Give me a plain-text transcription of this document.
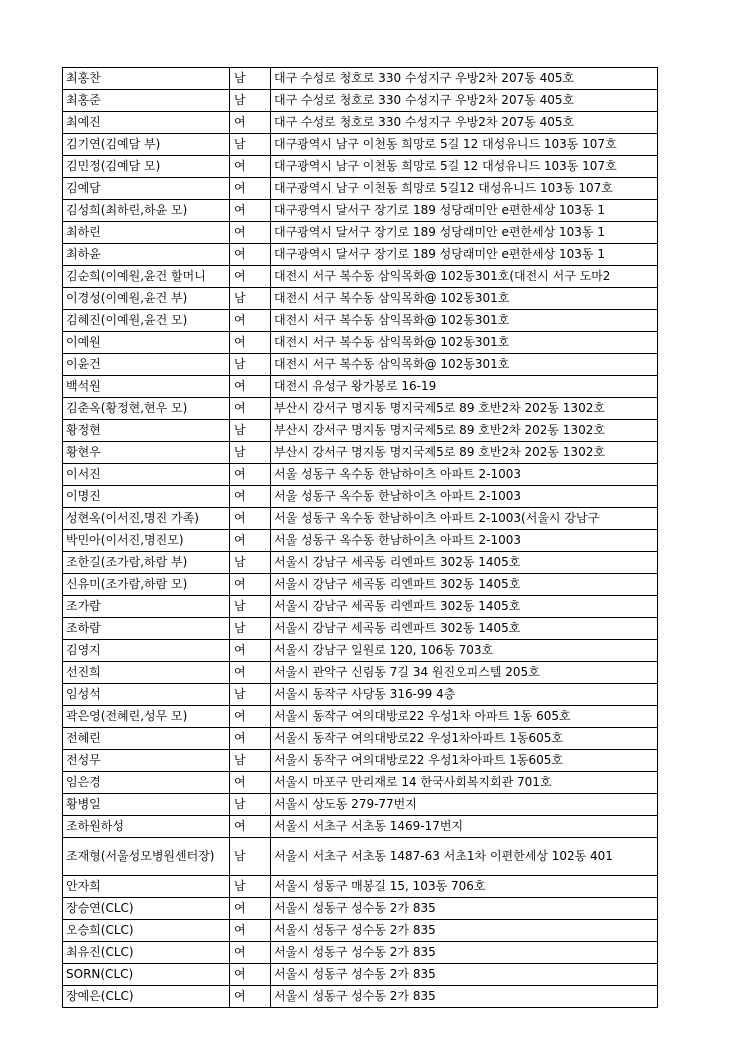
최홍찬	남	대구 수성로 청호로 330 수성지구 우방2차 207동 405호
최홍준	남	대구 수성로 청호로 330 수성지구 우방2차 207동 405호
최예진	여	대구 수성로 청호로 330 수성지구 우방2차 207동 405호
김기연(김예담 부)	남	대구광역시 남구 이천동 희망로 5길 12 대성유니드 103동 107호
김민정(김예담 모)	여	대구광역시 남구 이천동 희망로 5길 12 대성유니드 103동 107호
김예담	여	대구광역시 남구 이천동 희망로 5길12 대성유니드 103동 107호
김성희(최하린,하윤 모)	여	대구광역시 달서구 장기로 189 성당래미안 e편한세상 103동 1
최하린	여	대구광역시 달서구 장기로 189 성당래미안 e편한세상 103동 1
최하윤	여	대구광역시 달서구 장기로 189 성당래미안 e편한세상 103동 1
김순희(이예원,윤건 할머니	여	대전시 서구 복수동 삼익목화@ 102동301호(대전시 서구 도마2
이경성(이예원,윤건 부)	남	대전시 서구 복수동 삼익목화@ 102동301호
김혜진(이예원,윤건 모)	여	대전시 서구 복수동 삼익목화@ 102동301호
이예원	여	대전시 서구 복수동 삼익목화@ 102동301호
이윤건	남	대전시 서구 복수동 삼익목화@ 102동301호
백석원	여	대전시 유성구 왕가봉로 16-19
김춘옥(황정현,현우 모)	여	부산시 강서구 명지동 명지국제5로 89 호반2차 202동 1302호
황정현	남	부산시 강서구 명지동 명지국제5로 89 호반2차 202동 1302호
황현우	남	부산시 강서구 명지동 명지국제5로 89 호반2차 202동 1302호
이서진	여	서울 성동구 옥수동 한남하이츠 아파트 2-1003
이명진	여	서울 성동구 옥수동 한남하이츠 아파트 2-1003
성현옥(이서진,명진 가족)	여	서울 성동구 옥수동 한남하이츠 아파트 2-1003(서울시 강남구
박민아(이서진,명진모)	여	서울 성동구 옥수동 한남하이츠 아파트 2-1003
조한길(조가람,하람 부)	남	서울시 강남구 세곡동 리엔파트 302동 1405호
신유미(조가람,하람 모)	여	서울시 강남구 세곡동 리엔파트 302동 1405호
조가람	남	서울시 강남구 세곡동 리엔파트 302동 1405호
조하람	남	서울시 강남구 세곡동 리엔파트 302동 1405호
김영지	여	서울시 강남구 일원로 120, 106동 703호
선진희	여	서울시 관악구 신림동 7길 34 원진오피스텔 205호
임성석	남	서울시 동작구 사당동 316-99 4층
곽은영(전혜린,성무 모)	여	서울시 동작구 여의대방로22 우성1차 아파트 1동 605호
전혜린	여	서울시 동작구 여의대방로22 우성1차아파트 1동605호
전성무	남	서울시 동작구 여의대방로22 우성1차아파트 1동605호
임은경	여	서울시 마포구 만리재로 14 한국사회복지회관 701호
황병일	남	서울시 상도동 279-77번지
조하원하성	여	서울시 서초구 서초동 1469-17번지
조재형(서울성모병원센터장)	남	서울시 서초구 서초동 1487-63 서초1차 이편한세상 102동 401
안자희	남	서울시 성동구 매봉길 15, 103동 706호
장승연(CLC)	여	서울시 성동구 성수동 2가 835
오승희(CLC)	여	서울시 성동구 성수동 2가 835
최유진(CLC)	여	서울시 성동구 성수동 2가 835
SORN(CLC)	여	서울시 성동구 성수동 2가 835
장예은(CLC)	여	서울시 성동구 성수동 2가 835
